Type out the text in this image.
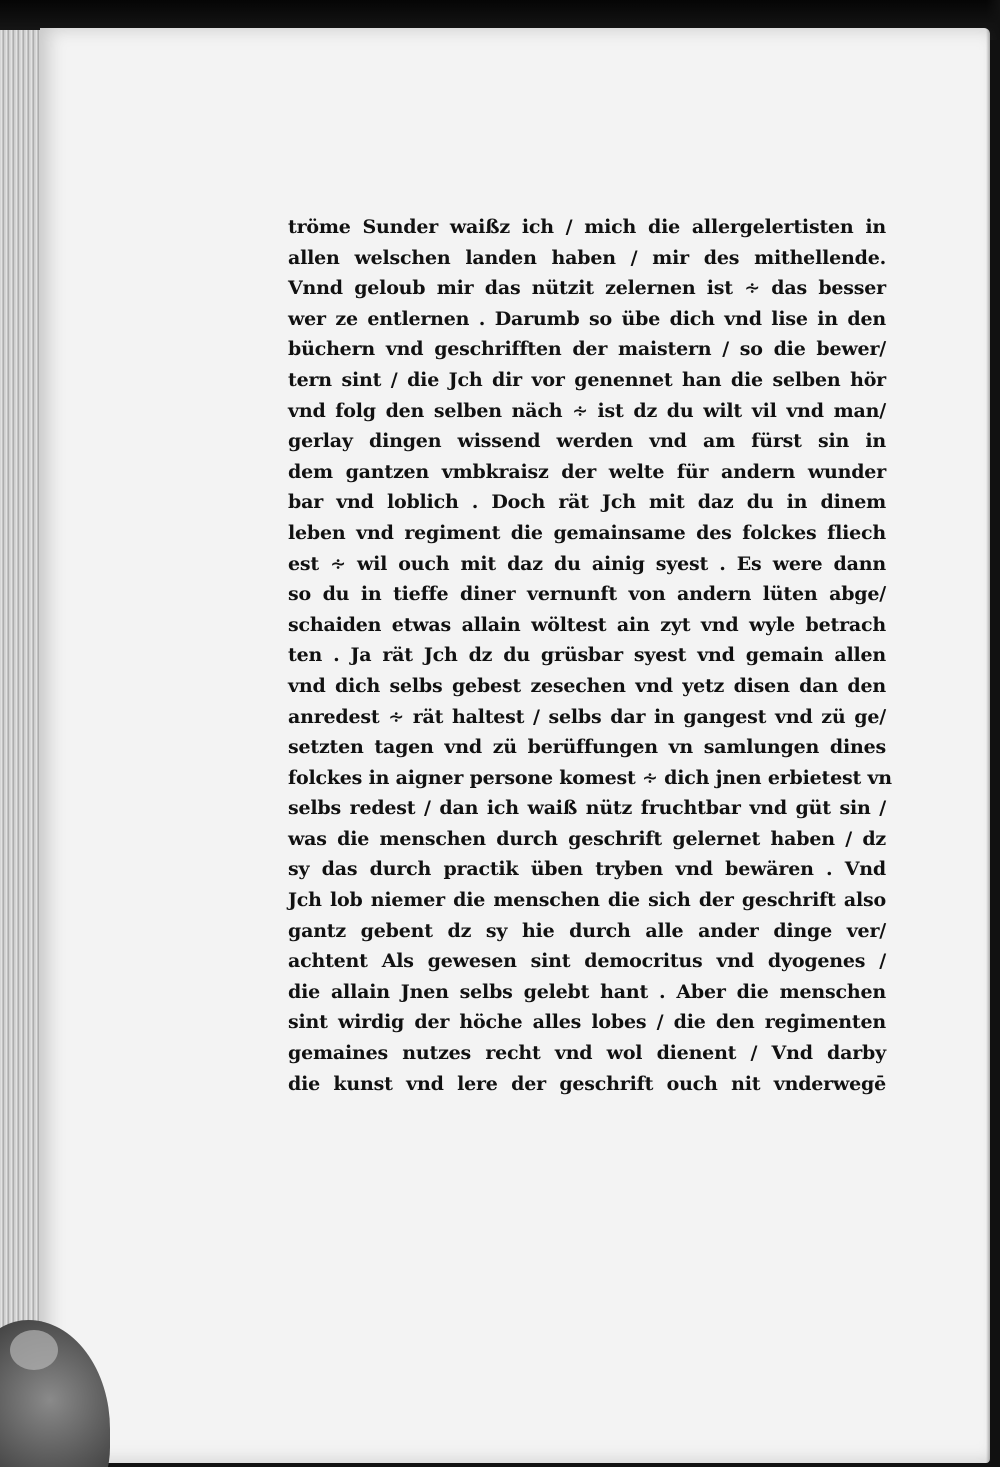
tröme Sunder waißz ich / mich die allergelertisten in
allen welschen landen haben / mir des mithellende.
Vnnd geloub mir das nützit zelernen ist ∻ das besser
wer ze entlernen . Darumb so übe dich vnd lise in den
büchern vnd geschrifften der maistern / so die bewer∕
tern sint / die Jch dir vor genennet han die selben hör
vnd folg den selben näch ∻ ist dz du wilt vil vnd man∕
gerlay dingen wissend werden vnd am fürst sin in
dem gantzen vmbkraisz der welte für andern wunder
bar vnd loblich . Doch rät Jch mit daz du in dinem
leben vnd regiment die gemainsame des folckes fliech
est ∻ wil ouch mit daz du ainig syest . Es were dann
so du in tieffe diner vernunft von andern lüten abge∕
schaiden etwas allain wöltest ain zyt vnd wyle betrach
ten . Ja rät Jch dz du grüsbar syest vnd gemain allen
vnd dich selbs gebest zesechen vnd yetz disen dan den
anredest ∻ rät haltest / selbs dar in gangest vnd zü ge∕
setzten tagen vnd zü berüffungen vn samlungen dines
folckes in aigner persone komest ∻ dich jnen erbietest vn
selbs redest / dan ich waiß nütz fruchtbar vnd güt sin /
was die menschen durch geschrift gelernet haben / dz
sy das durch practik üben tryben vnd bewären . Vnd
Jch lob niemer die menschen die sich der geschrift also
gantz gebent dz sy hie durch alle ander dinge ver∕
achtent Als gewesen sint democritus vnd dyogenes /
die allain Jnen selbs gelebt hant . Aber die menschen
sint wirdig der höche alles lobes / die den regimenten
gemaines nutzes recht vnd wol dienent / Vnd darby
die kunst vnd lere der geschrift ouch nit vnderwegē
